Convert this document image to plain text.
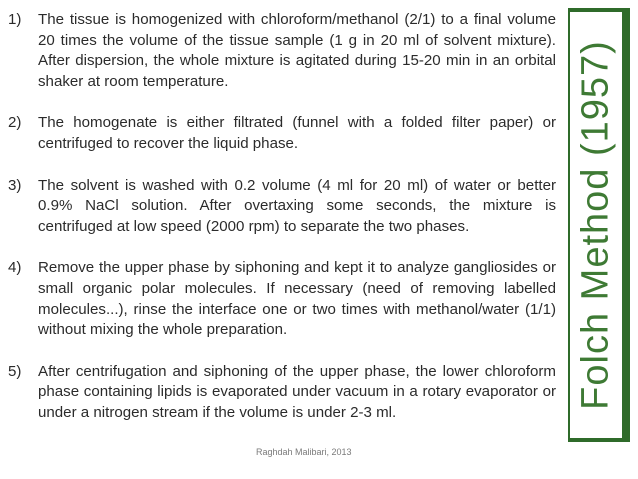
1)	The tissue is homogenized with chloroform/methanol (2/1) to a final volume 20 times the volume of the tissue sample (1 g in 20 ml of solvent mixture). After dispersion, the whole mixture is agitated during 15-20 min in an orbital shaker at room temperature.
2)	The homogenate is either filtrated (funnel with a folded filter paper) or centrifuged to recover the liquid phase.
3)	The solvent is washed with 0.2 volume (4 ml for 20 ml) of water or better 0.9% NaCl solution. After overtaxing some seconds, the mixture is centrifuged at low speed (2000 rpm) to separate the two phases.
4)	Remove the upper phase by siphoning and kept it to analyze gangliosides or small organic polar molecules. If necessary (need of removing labelled molecules...), rinse the interface one or two times with methanol/water (1/1) without mixing the whole preparation.
5)	After centrifugation and siphoning of the upper phase, the lower chloroform phase containing lipids is evaporated under vacuum in a rotary evaporator or under a nitrogen stream if the volume is under 2-3 ml.
Folch Method (1957)
Raghdah Malibari, 2013
